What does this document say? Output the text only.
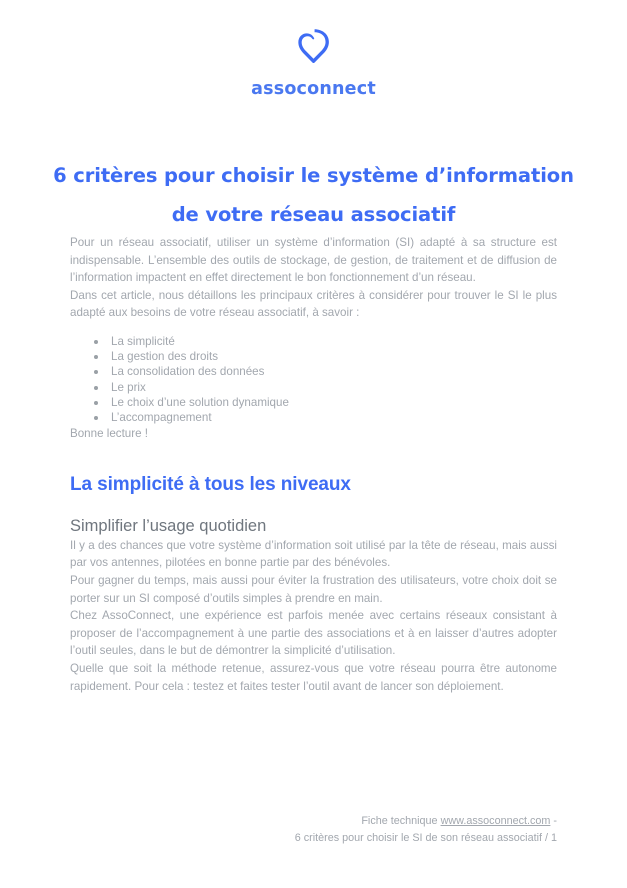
assoconnect
6 critères pour choisir le système d’information
de votre réseau associatif

Pour un réseau associatif, utiliser un système d’information (SI) adapté à sa structure est indispensable. L’ensemble des outils de stockage, de gestion, de traitement et de diffusion de l’information impactent en effet directement le bon fonctionnement d’un réseau.

Dans cet article, nous détaillons les principaux critères à considérer pour trouver le SI le plus adapté aux besoins de votre réseau associatif, à savoir :

La simplicité
La gestion des droits
La consolidation des données
Le prix
Le choix d’une solution dynamique
L’accompagnement

Bonne lecture !

La simplicité à tous les niveaux
Simplifier l’usage quotidien

Il y a des chances que votre système d’information soit utilisé par la tête de réseau, mais aussi par vos antennes, pilotées en bonne partie par des bénévoles.

Pour gagner du temps, mais aussi pour éviter la frustration des utilisateurs, votre choix doit se porter sur un SI composé d’outils simples à prendre en main.

Chez AssoConnect, une expérience est parfois menée avec certains réseaux consistant à proposer de l’accompagnement à une partie des associations et à en laisser d’autres adopter l’outil seules, dans le but de démontrer la simplicité d’utilisation.

Quelle que soit la méthode retenue, assurez-vous que votre réseau pourra être autonome rapidement. Pour cela : testez et faites tester l’outil avant de lancer son déploiement.

Fiche technique www.assoconnect.com -
6 critères pour choisir le SI de son réseau associatif / 1
